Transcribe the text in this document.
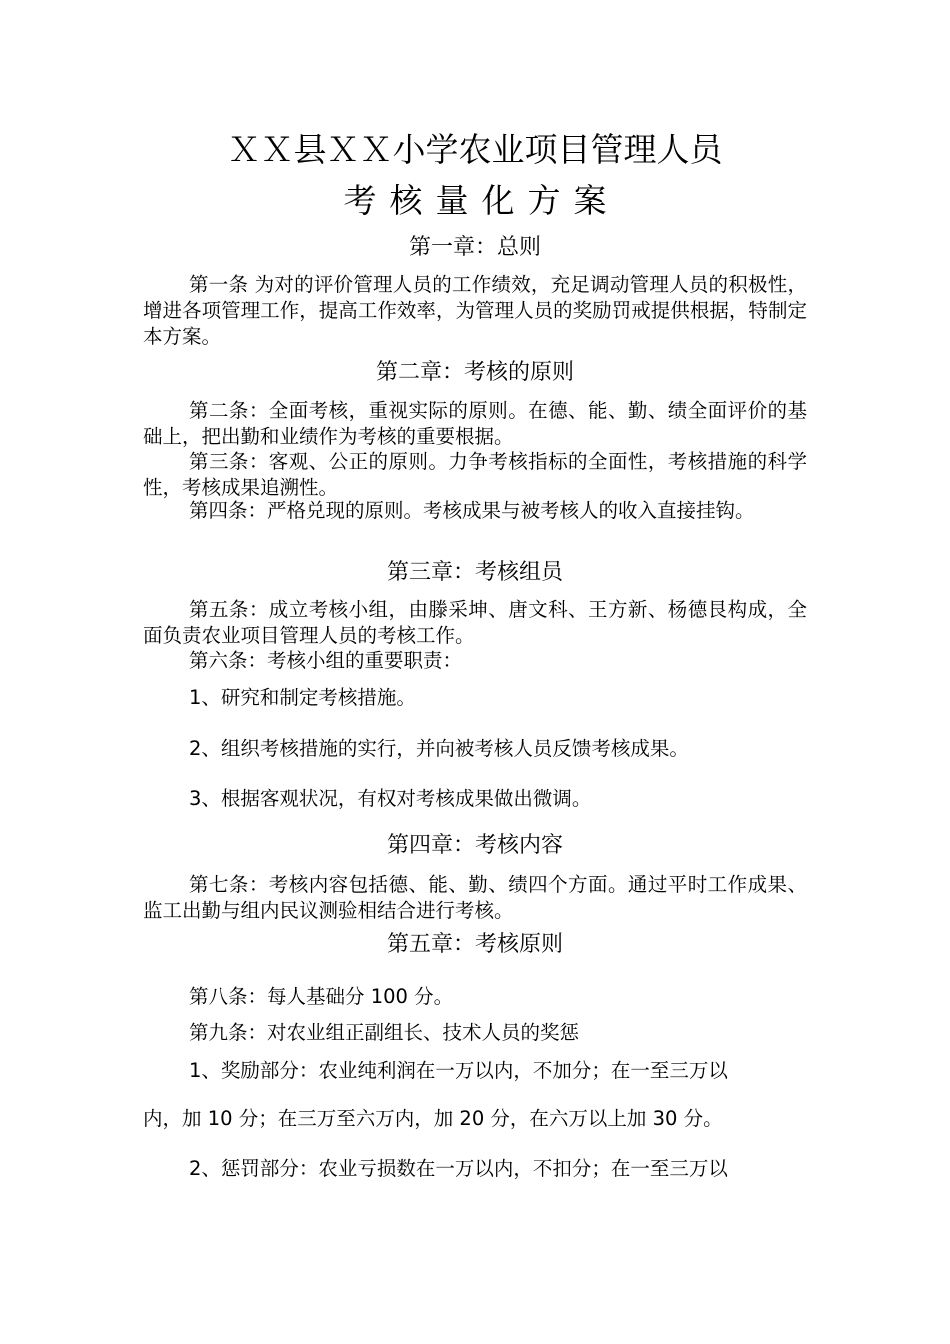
ＸＸ县ＸＸ小学农业项目管理人员
考核量化方案
第一章：总则

第一条 为对的评价管理人员的工作绩效，充足调动管理人员的积极性，增进各项管理工作，提高工作效率，为管理人员的奖励罚戒提供根据，特制定本方案。

第二章：考核的原则

第二条：全面考核，重视实际的原则。在德、能、勤、绩全面评价的基础上，把出勤和业绩作为考核的重要根据。

第三条：客观、公正的原则。力争考核指标的全面性，考核措施的科学性，考核成果追溯性。

第四条：严格兑现的原则。考核成果与被考核人的收入直接挂钩。

第三章：考核组员

第五条：成立考核小组，由滕采坤、唐文科、王方新、杨德艮构成，全面负责农业项目管理人员的考核工作。

第六条：考核小组的重要职责：

1、研究和制定考核措施。

2、组织考核措施的实行，并向被考核人员反馈考核成果。

3、根据客观状况，有权对考核成果做出微调。

第四章：考核内容

第七条：考核内容包括德、能、勤、绩四个方面。通过平时工作成果、监工出勤与组内民议测验相结合进行考核。

第五章：考核原则

第八条：每人基础分 100 分。

第九条：对农业组正副组长、技术人员的奖惩

1、奖励部分：农业纯利润在一万以内，不加分；在一至三万以

内，加 10 分；在三万至六万内，加 20 分，在六万以上加 30 分。

2、惩罚部分：农业亏损数在一万以内，不扣分；在一至三万以
